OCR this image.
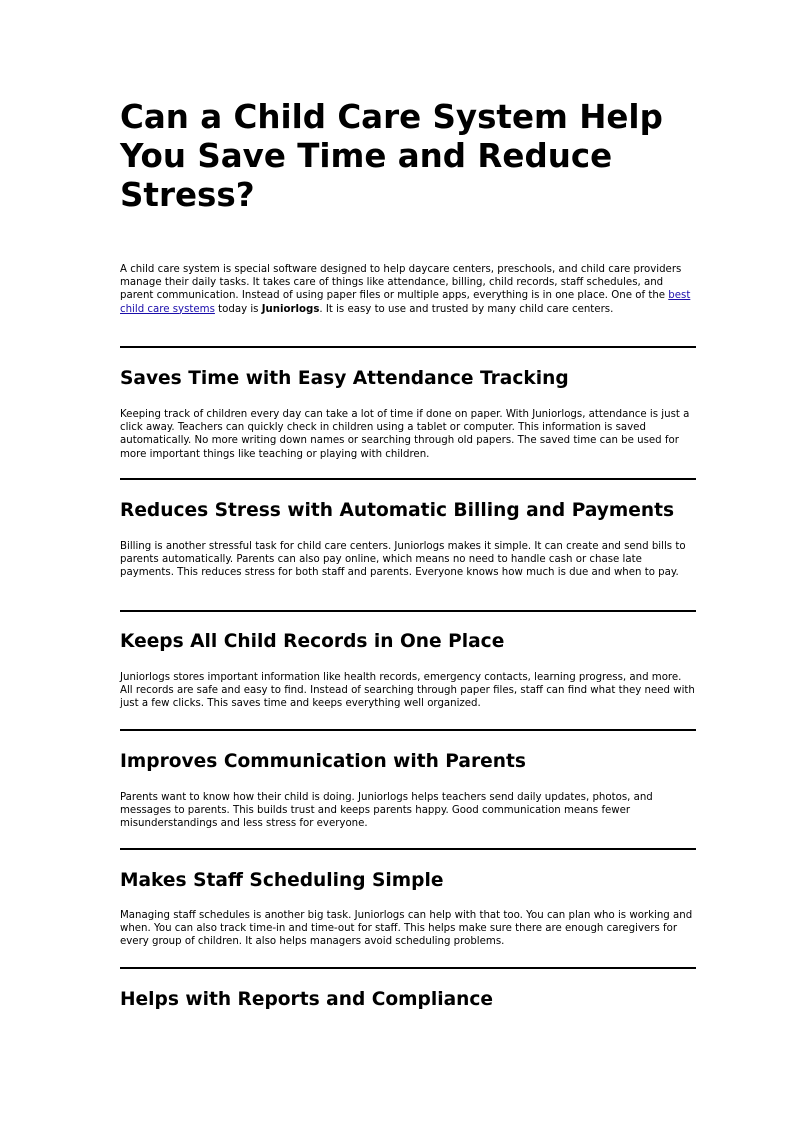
Can a Child Care System Help You Save Time and Reduce Stress?

A child care system is special software designed to help daycare centers, preschools, and child care providers manage their daily tasks. It takes care of things like attendance, billing, child records, staff schedules, and parent communication. Instead of using paper files or multiple apps, everything is in one place. One of the best child care systems today is Juniorlogs. It is easy to use and trusted by many child care centers.

Saves Time with Easy Attendance Tracking

Keeping track of children every day can take a lot of time if done on paper. With Juniorlogs, attendance is just a click away. Teachers can quickly check in children using a tablet or computer. This information is saved automatically. No more writing down names or searching through old papers. The saved time can be used for more important things like teaching or playing with children.

Reduces Stress with Automatic Billing and Payments

Billing is another stressful task for child care centers. Juniorlogs makes it simple. It can create and send bills to parents automatically. Parents can also pay online, which means no need to handle cash or chase late payments. This reduces stress for both staff and parents. Everyone knows how much is due and when to pay.

Keeps All Child Records in One Place

Juniorlogs stores important information like health records, emergency contacts, learning progress, and more. All records are safe and easy to find. Instead of searching through paper files, staff can find what they need with just a few clicks. This saves time and keeps everything well organized.

Improves Communication with Parents

Parents want to know how their child is doing. Juniorlogs helps teachers send daily updates, photos, and messages to parents. This builds trust and keeps parents happy. Good communication means fewer misunderstandings and less stress for everyone.

Makes Staff Scheduling Simple

Managing staff schedules is another big task. Juniorlogs can help with that too. You can plan who is working and when. You can also track time-in and time-out for staff. This helps make sure there are enough caregivers for every group of children. It also helps managers avoid scheduling problems.

Helps with Reports and Compliance
